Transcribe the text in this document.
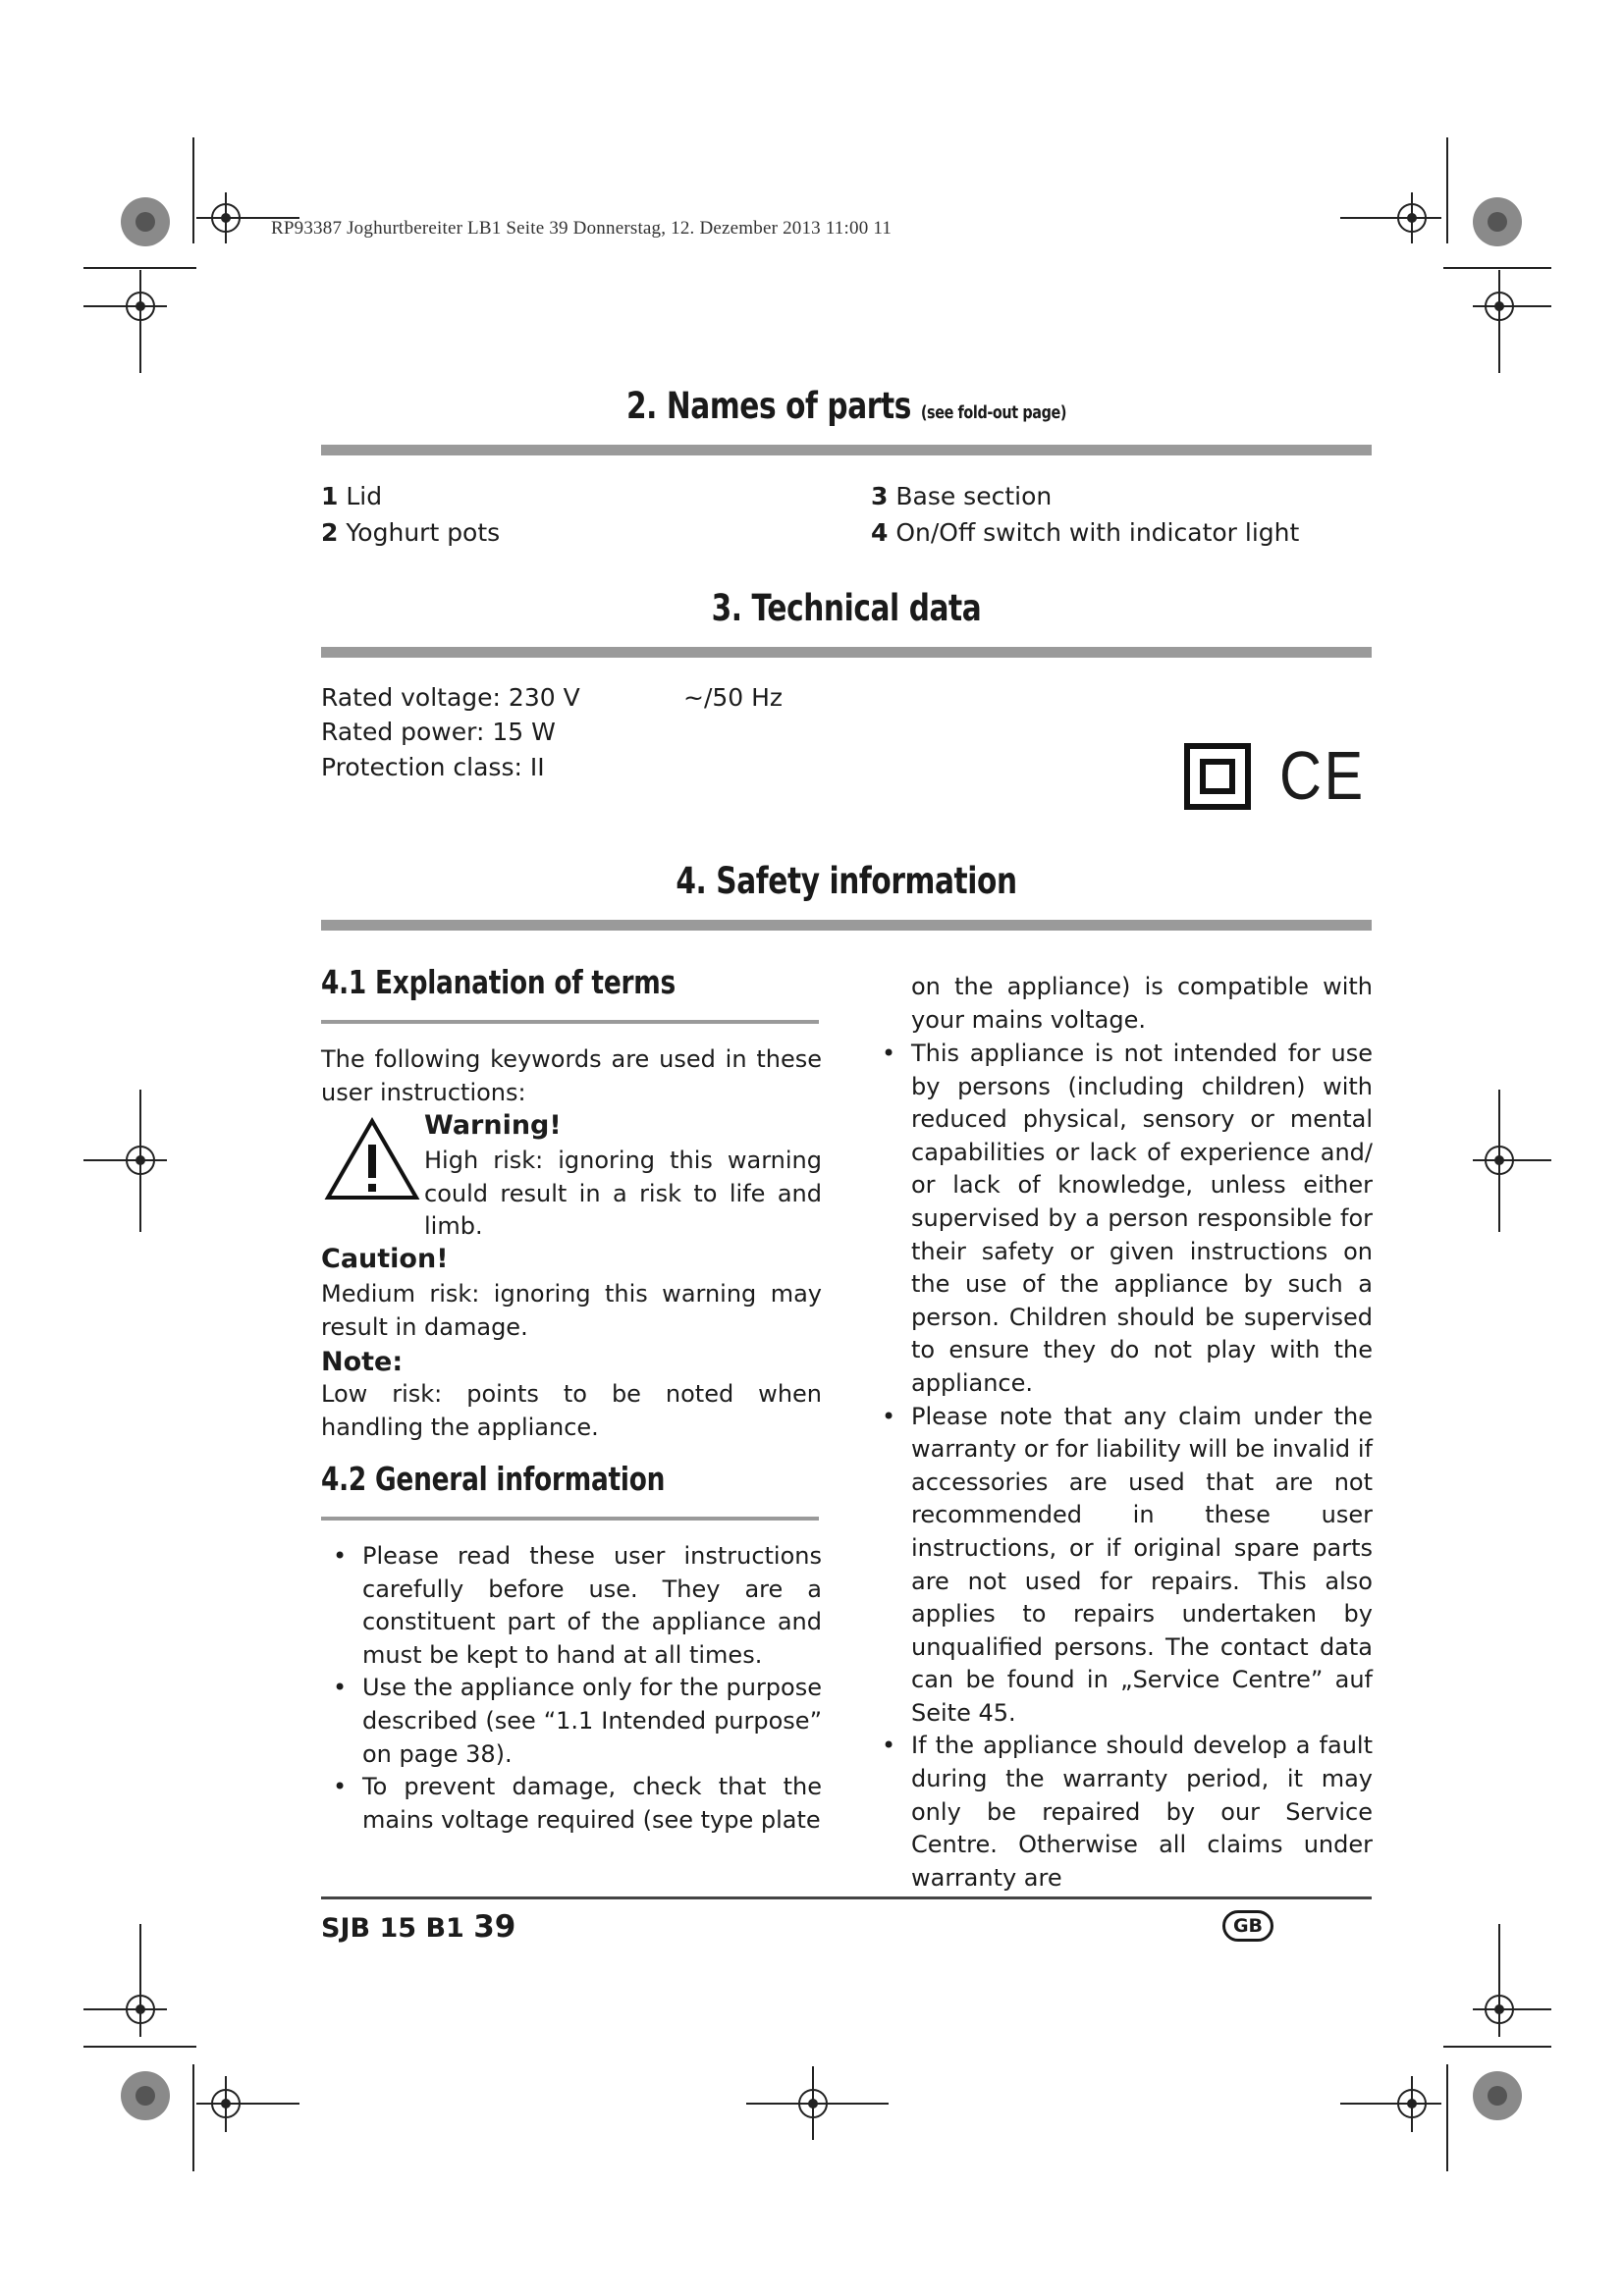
RP93387 Joghurtbereiter LB1 Seite 39 Donnerstag, 12. Dezember 2013 11:00 11
2. Names of parts (see fold-out page)
1 Lid
2 Yoghurt pots
3 Base section
4 On/Off switch with indicator light
3. Technical data
Rated voltage: 230 V	~/50 Hz
Rated power: 15 W
Protection class: II	CE
4. Safety information
4.1 Explanation of terms
The following keywords are used in these user instructions:
Warning!
High risk: ignoring this warning could result in a risk to life and limb.
Caution!
Medium risk: ignoring this warning may result in damage.
Note:
Low risk: points to be noted when handling the appliance.
4.2 General information
• Please read these user instructions carefully before use. They are a constituent part of the appliance and must be kept to hand at all times.
• Use the appliance only for the purpose described (see “1.1 Intended purpose” on page 38).
• To prevent damage, check that the mains voltage required (see type plate
on the appliance) is compatible with your mains voltage.
• This appliance is not intended for use by persons (including children) with reduced physical, sensory or mental capabilities or lack of experience and/ or lack of knowledge, unless either supervised by a person responsible for their safety or given instructions on the use of the appliance by such a person. Children should be supervised to ensure they do not play with the appliance.
• Please note that any claim under the warranty or for liability will be invalid if accessories are used that are not recommended in these user instructions, or if original spare parts are not used for repairs. This also applies to repairs undertaken by unqualified persons. The contact data can be found in „Service Centre” auf Seite 45.
• If the appliance should develop a fault during the warranty period, it may only be repaired by our Service Centre. Otherwise all claims under warranty are
SJB 15 B1 39	GB
